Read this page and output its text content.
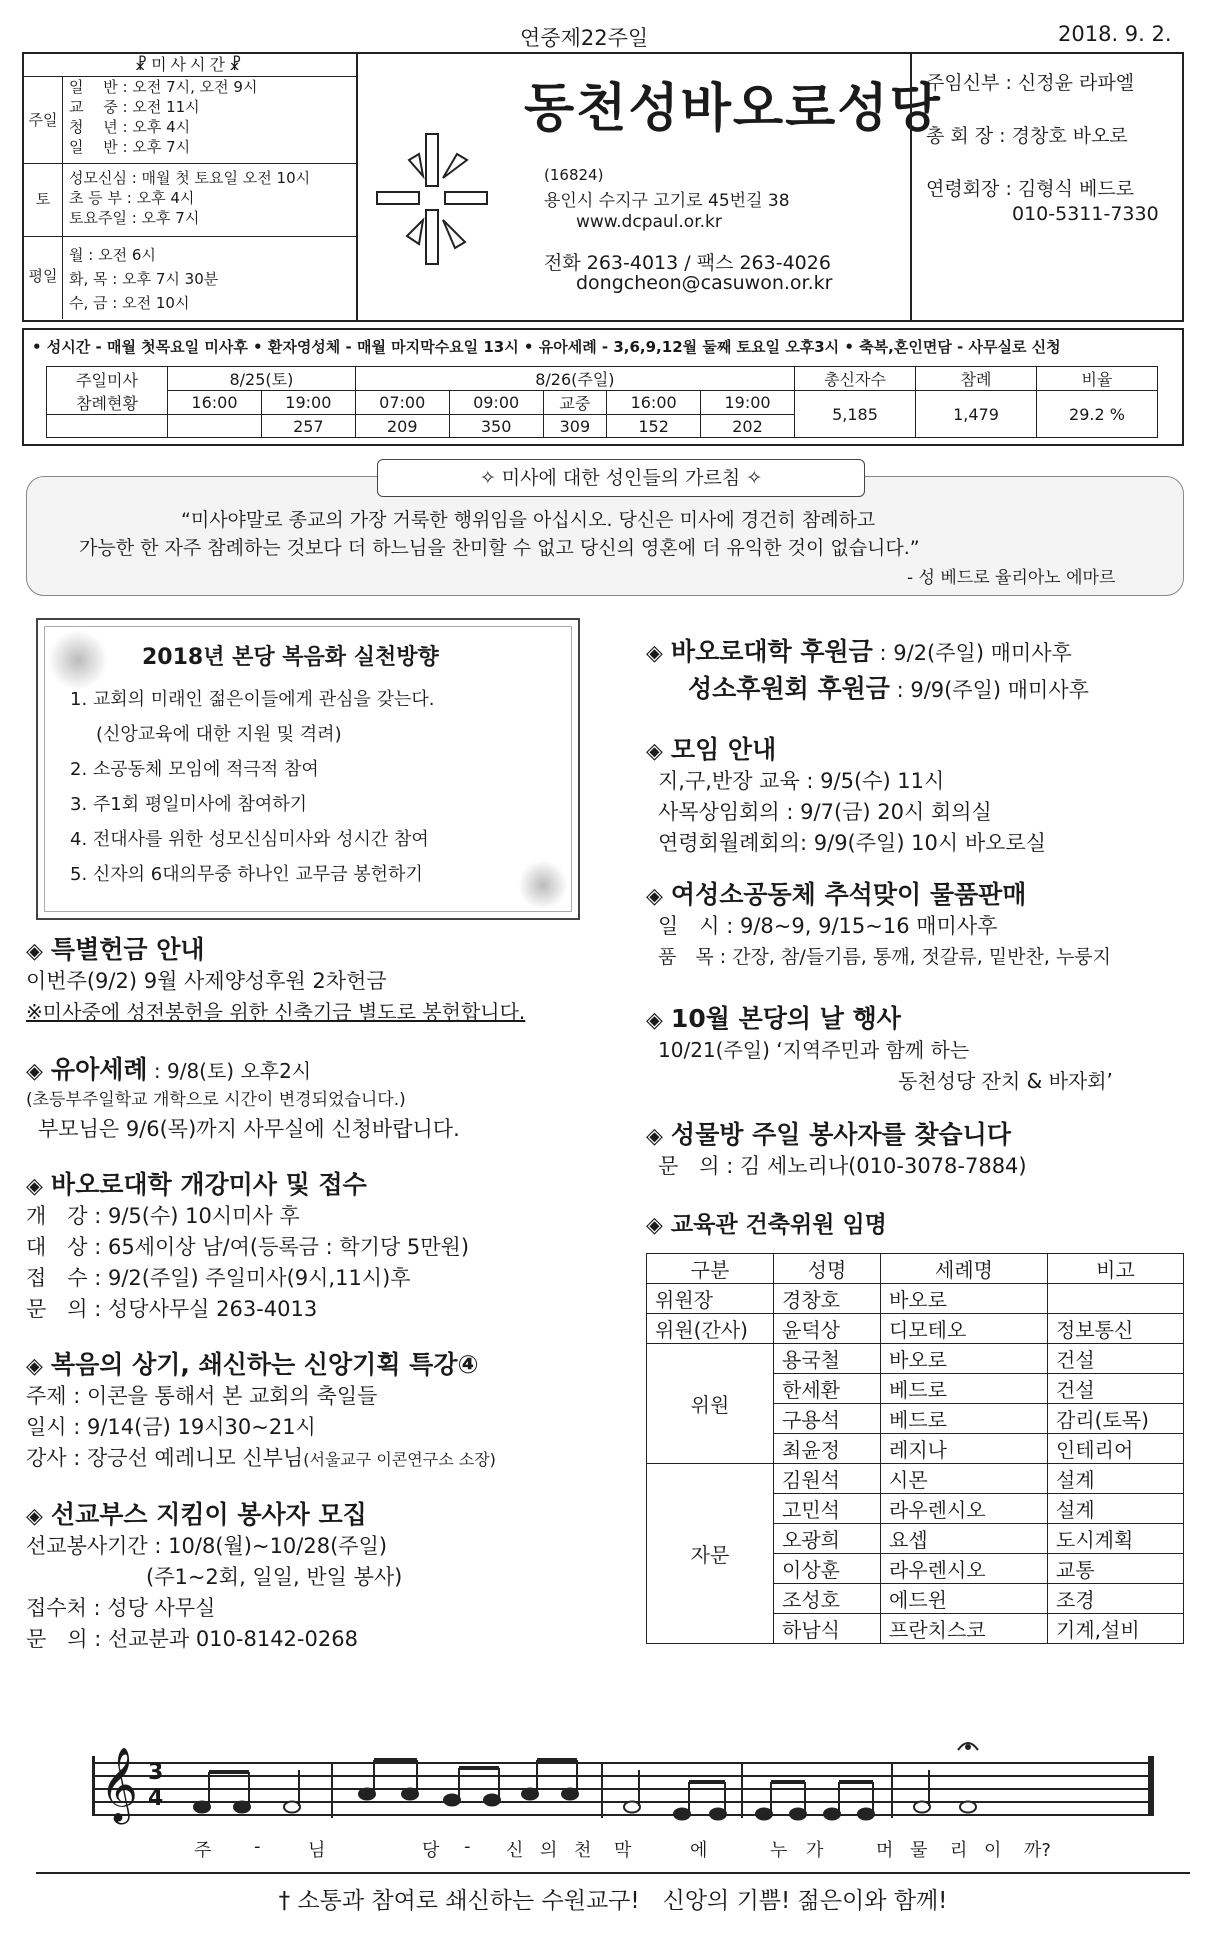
연중제22주일	2018. 9. 2.
☧미사시간☧
주일
일　 반 : 오전 7시, 오전 9시
교　 중 : 오전 11시
청　 년 : 오후 4시
일　 반 : 오후 7시
토
성모신심 : 매월 첫 토요일 오전 10시
초 등 부 : 오후 4시
토요주일 : 오후 7시
평일
월 : 오전 6시
화, 목 : 오후 7시 30분
수, 금 : 오전 10시
동천성바오로성당
(16824)
용인시 수지구 고기로 45번길 38
www.dcpaul.or.kr
전화 263-4013 / 팩스 263-4026
dongcheon@casuwon.or.kr
주임신부 : 신정윤 라파엘
총 회 장 : 경창호 바오로
연령회장 : 김형식 베드로
010-5311-7330
• 성시간 - 매월 첫목요일 미사후 • 환자영성체 - 매월 마지막수요일 13시 • 유아세례 - 3,6,9,12월 둘째 토요일 오후3시 • 축복,혼인면담 - 사무실로 신청
주일미사
참례현황	8/25(토)		8/26(주일)					총신자수	참례	비율
	16:00	19:00	07:00	09:00	교중	16:00	19:00	5,185	1,479	29.2 %
		257	209	350	309	152	202			
✧ 미사에 대한 성인들의 가르침 ✧
“미사야말로 종교의 가장 거룩한 행위임을 아십시오. 당신은 미사에 경건히 참례하고
가능한 한 자주 참례하는 것보다 더 하느님을 찬미할 수 없고 당신의 영혼에 더 유익한 것이 없습니다.”
- 성 베드로 율리아노 에마르
2018년 본당 복음화 실천방향
1. 교회의 미래인 젊은이들에게 관심을 갖는다.
(신앙교육에 대한 지원 및 격려)
2. 소공동체 모임에 적극적 참여
3. 주1회 평일미사에 참여하기
4. 전대사를 위한 성모신심미사와 성시간 참여
5. 신자의 6대의무중 하나인 교무금 봉헌하기
◈ 특별헌금 안내
이번주(9/2) 9월 사제양성후원 2차헌금
※미사중에 성전봉헌을 위한 신축기금 별도로 봉헌합니다.
◈ 유아세례 : 9/8(토) 오후2시
(초등부주일학교 개학으로 시간이 변경되었습니다.)
부모님은 9/6(목)까지 사무실에 신청바랍니다.
◈ 바오로대학 개강미사 및 접수
개　강 : 9/5(수) 10시미사 후
대　상 : 65세이상 남/여(등록금 : 학기당 5만원)
접　수 : 9/2(주일) 주일미사(9시,11시)후
문　의 : 성당사무실 263-4013
◈ 복음의 상기, 쇄신하는 신앙기획 특강④
주제 : 이콘을 통해서 본 교회의 축일들
일시 : 9/14(금) 19시30~21시
강사 : 장긍선 예레니모 신부님(서울교구 이콘연구소 소장)
◈ 선교부스 지킴이 봉사자 모집
선교봉사기간 : 10/8(월)~10/28(주일)
(주1~2회, 일일, 반일 봉사)
접수처 : 성당 사무실
문　의 : 선교분과 010-8142-0268
◈ 바오로대학 후원금 : 9/2(주일) 매미사후
성소후원회 후원금 : 9/9(주일) 매미사후
◈ 모임 안내
지,구,반장 교육 : 9/5(수) 11시
사목상임회의 : 9/7(금) 20시 회의실
연령회월례회의: 9/9(주일) 10시 바오로실
◈ 여성소공동체 추석맞이 물품판매
일　시 : 9/8~9, 9/15~16 매미사후
품　목 : 간장, 참/들기름, 통깨, 젓갈류, 밑반찬, 누룽지
◈ 10월 본당의 날 행사
10/21(주일) ‘지역주민과 함께 하는
동천성당 잔치 & 바자회’
◈ 성물방 주일 봉사자를 찾습니다
문　의 : 김 세노리나(010-3078-7884)
◈ 교육관 건축위원 임명
구분	성명	세례명	비고
위원장	경창호	바오로	
위원(간사)	윤덕상	디모테오	정보통신
위원	용국철	바오로	건설
	한세환	베드로	건설
	구용석	베드로	감리(토목)
	최윤정	레지나	인테리어
자문	김원석	시몬	설계
	고민석	라우렌시오	설계
	오광희	요셉	도시계획
	이상훈	라우렌시오	교통
	조성호	에드윈	조경
	하남식	프란치스코	기계,설비
𝄞 3
4
주	-	님	당	-	신 의 천	막	에	누	가	머 물	리 이	까?
† 소통과 참여로 쇄신하는 수원교구!　신앙의 기쁨! 젊은이와 함께!
